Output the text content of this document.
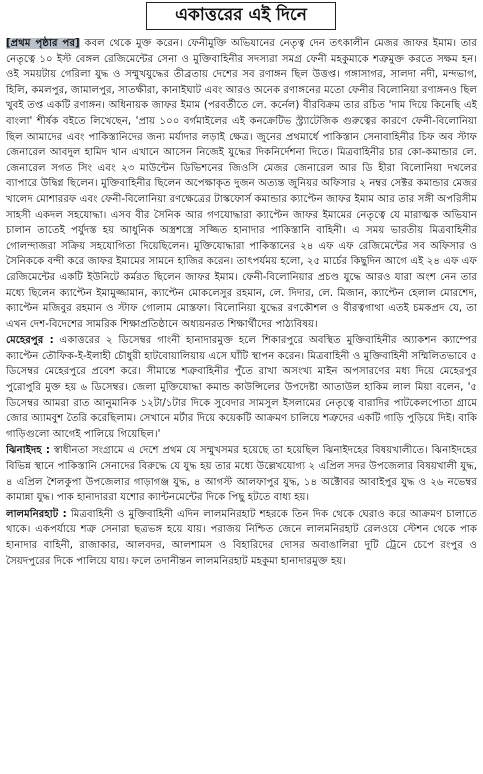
একাত্তরের এই দিনে

[প্রথম পৃষ্ঠার পর] কবল থেকে মুক্ত করেন। ফেনীমুক্তি অভিযানের নেতৃত্ব দেন তৎকালীন মেজর জাফর ইমাম। তার নেতৃত্বে ১০ ইস্ট বেঙ্গল রেজিমেন্টের সেনা ও মুক্তিবাহিনীর সদস্যরা সমগ্র ফেনী মহকুমাকে শত্রুমুক্ত করতে সক্ষম হন। ওই সময়টায় গেরিলা যুদ্ধ ও সম্মুখযুদ্ধের তীব্রতায় দেশের সব রণাঙ্গন ছিল উত্তপ্ত। গঙ্গাসাগর, সালদা নদী, মন্দভাগ, হিলি, কমলপুর, জামালপুর, সাতক্ষীরা, কানাইঘাট এবং আরও অনেক রণাঙ্গনের মতো ফেনীর বিলোনিয়া রণাঙ্গনও ছিল খুবই তপ্ত একটি রণাঙ্গন। অধিনায়ক জাফর ইমাম (পরবর্তীতে লে. কর্নেল) বীরবিক্রম তার রচিত 'দাম দিয়ে কিনেছি এই বাংলা' শীর্ষক বইতে লিখেছেন, 'প্রায় ১০০ বর্গমাইলের এই কনক্রেটিভ স্ট্র্যাটেজিক গুরুত্বের কারণে ফেনী-বিলোনিয়া ছিল আমাদের এবং পাকিস্তানিদের জন্য মর্যাদার লড়াই ক্ষেত্র। জুনের প্রথমার্ধে পাকিস্তান সেনাবাহিনীর চিফ অব স্টাফ জেনারেল আবদুল হামিদ খান এখানে আসেন নিজেই যুদ্ধের দিকনির্দেশনা দিতে। মিত্রবাহিনীর চার কো-কমান্ডার লে. জেনারেল সগত সিং এবং ২৩ মাউন্টেন ডিভিশনের জিওসি মেজর জেনারেল আর ডি হীরা বিলোনিয়া দখলের ব্যাপারে উদ্বিগ্ন ছিলেন। মুক্তিবাহিনীর ছিলেন অপেক্ষাকৃত দুজন অত্যন্ত জুনিয়র অফিসার ২ নম্বর সেক্টর কমান্ডার মেজর খালেদ মোশাররফ এবং ফেনী-বিলোনিয়া রণক্ষেত্রের টাস্কফোর্স কমান্ডার ক্যাপ্টেন জাফর ইমাম আর তার সঙ্গী অপরিসীম সাহসী একদল সহযোদ্ধা। এসব বীর সৈনিক আর গণযোদ্ধারা ক্যাপ্টেন জাফর ইমামের নেতৃত্বে যে মারাত্মক অভিযান চালান তাতেই পর্যুদস্ত হয় আধুনিক অস্ত্রশস্ত্রে সজ্জিত হানাদার পাকিস্তানি বাহিনী। এ সময় ভারতীয় মিত্রবাহিনীর গোলন্দাজরা সক্রিয় সহযোগিতা দিয়েছিলেন। মুক্তিযোদ্ধারা পাকিস্তানের ২৪ এফ এফ রেজিমেন্টের সব অফিসার ও সৈনিককে বন্দী করে জাফর ইমামের সামনে হাজির করেন। তাৎপর্যময় হলো, ২৫ মার্চের কিছুদিন আগে এই ২৪ এফ এফ রেজিমেন্টের একটি ইউনিটে কর্মরত ছিলেন জাফর ইমাম। ফেনী-বিলোনিয়ার প্রচণ্ড যুদ্ধে আরও যারা অংশ নেন তার মধ্যে ছিলেন ক্যাপ্টেন ইমামুজ্জামান, ক্যাপ্টেন মোকলেসুর রহমান, লে. দিদার, লে. মিজান, ক্যাপ্টেন হেলাল মোরশেদ, ক্যাপ্টেন মজিবুর রহমান ও স্টাফ গোলাম মোস্তফা। বিলোনিয়া যুদ্ধের রণকৌশল ও বীরত্বগাথা এতই চমকপ্রদ যে, তা এখন দেশ-বিদেশের সামরিক শিক্ষাপ্রতিষ্ঠানে অধ্যয়নরত শিক্ষার্থীদের পাঠ্যবিষয়।

মেহেরপুর : একাত্তরের ২ ডিসেম্বর গাংনী হানাদারমুক্ত হলে শিকারপুরে অবস্থিত মুক্তিবাহিনীর অ্যাকশন ক্যাম্পের ক্যাপ্টেন তৌফিক-ই-ইলাহী চৌধুরী হাটবোয়ালিয়ায় এসে ঘাঁটি স্থাপন করেন। মিত্রবাহিনী ও মুক্তিবাহিনী সম্মিলিতভাবে ৫ ডিসেম্বর মেহেরপুরে প্রবেশ করে। সীমান্তে শত্রুবাহিনীর পুঁতে রাখা অসংখ্য মাইন অপসারণের মধ্য দিয়ে মেহেরপুর পুরোপুরি মুক্ত হয় ৬ ডিসেম্বর। জেলা মুক্তিযোদ্ধা কমান্ড কাউন্সিলের উপদেষ্টা আতাউল হাকিম লাল মিয়া বলেন, '৫ ডিসেম্বর আমরা রাত আনুমানিক ১২টা/১টার দিকে সুবেদার সামসুল ইসলামের নেতৃত্বে বারাদির পাটকেলপোতা গ্রামে জোর অ্যামবুশ তৈরি করেছিলাম। সেখানে মর্টার দিয়ে কয়েকটি আক্রমণ চালিয়ে শত্রুদের একটি গাড়ি পুড়িয়ে দিই। বাকি গাড়িগুলো আগেই পালিয়ে গিয়েছিল।'

ঝিনাইদহ : স্বাধীনতা সংগ্রামে এ দেশে প্রথম যে সম্মুখসমর হয়েছে তা হয়েছিল ঝিনাইদহের বিষয়খালীতে। ঝিনাইদহের বিভিন্ন স্থানে পাকিস্তানি সেনাদের বিরুদ্ধে যে যুদ্ধ হয় তার মধ্যে উল্লেখযোগ্য ২ এপ্রিল সদর উপজেলার বিষয়খালী যুদ্ধ, ৪ এপ্রিল শৈলকুপা উপজেলার গাড়াগঞ্জ যুদ্ধ, ৪ আগস্ট আলফাপুর যুদ্ধ, ১৪ অক্টোবর আবাইপুর যুদ্ধ ও ২৬ নভেম্বর কামান্না যুদ্ধ। পাক হানাদাররা যশোর ক্যান্টনমেন্টের দিকে পিছু হটতে বাধ্য হয়।

লালমনিরহাট : মিত্রবাহিনী ও মুক্তিবাহিনী এদিন লালমনিরহাট শহরকে তিন দিক থেকে ঘেরাও করে আক্রমণ চালাতে থাকে। একপর্যায়ে শত্রু সেনারা ছত্রভঙ্গ হয়ে যায়। পরাজয় নিশ্চিত জেনে লালমনিরহাট রেলওয়ে স্টেশন থেকে পাক হানাদার বাহিনী, রাজাকার, আলবদর, আলশামস ও বিহারিদের দোসর অবাঙালিরা দুটি ট্রেনে চেপে রংপুর ও সৈয়দপুরের দিকে পালিয়ে যায়। ফলে তদানীন্তন লালমনিরহাট মহকুমা হানাদারমুক্ত হয়।
